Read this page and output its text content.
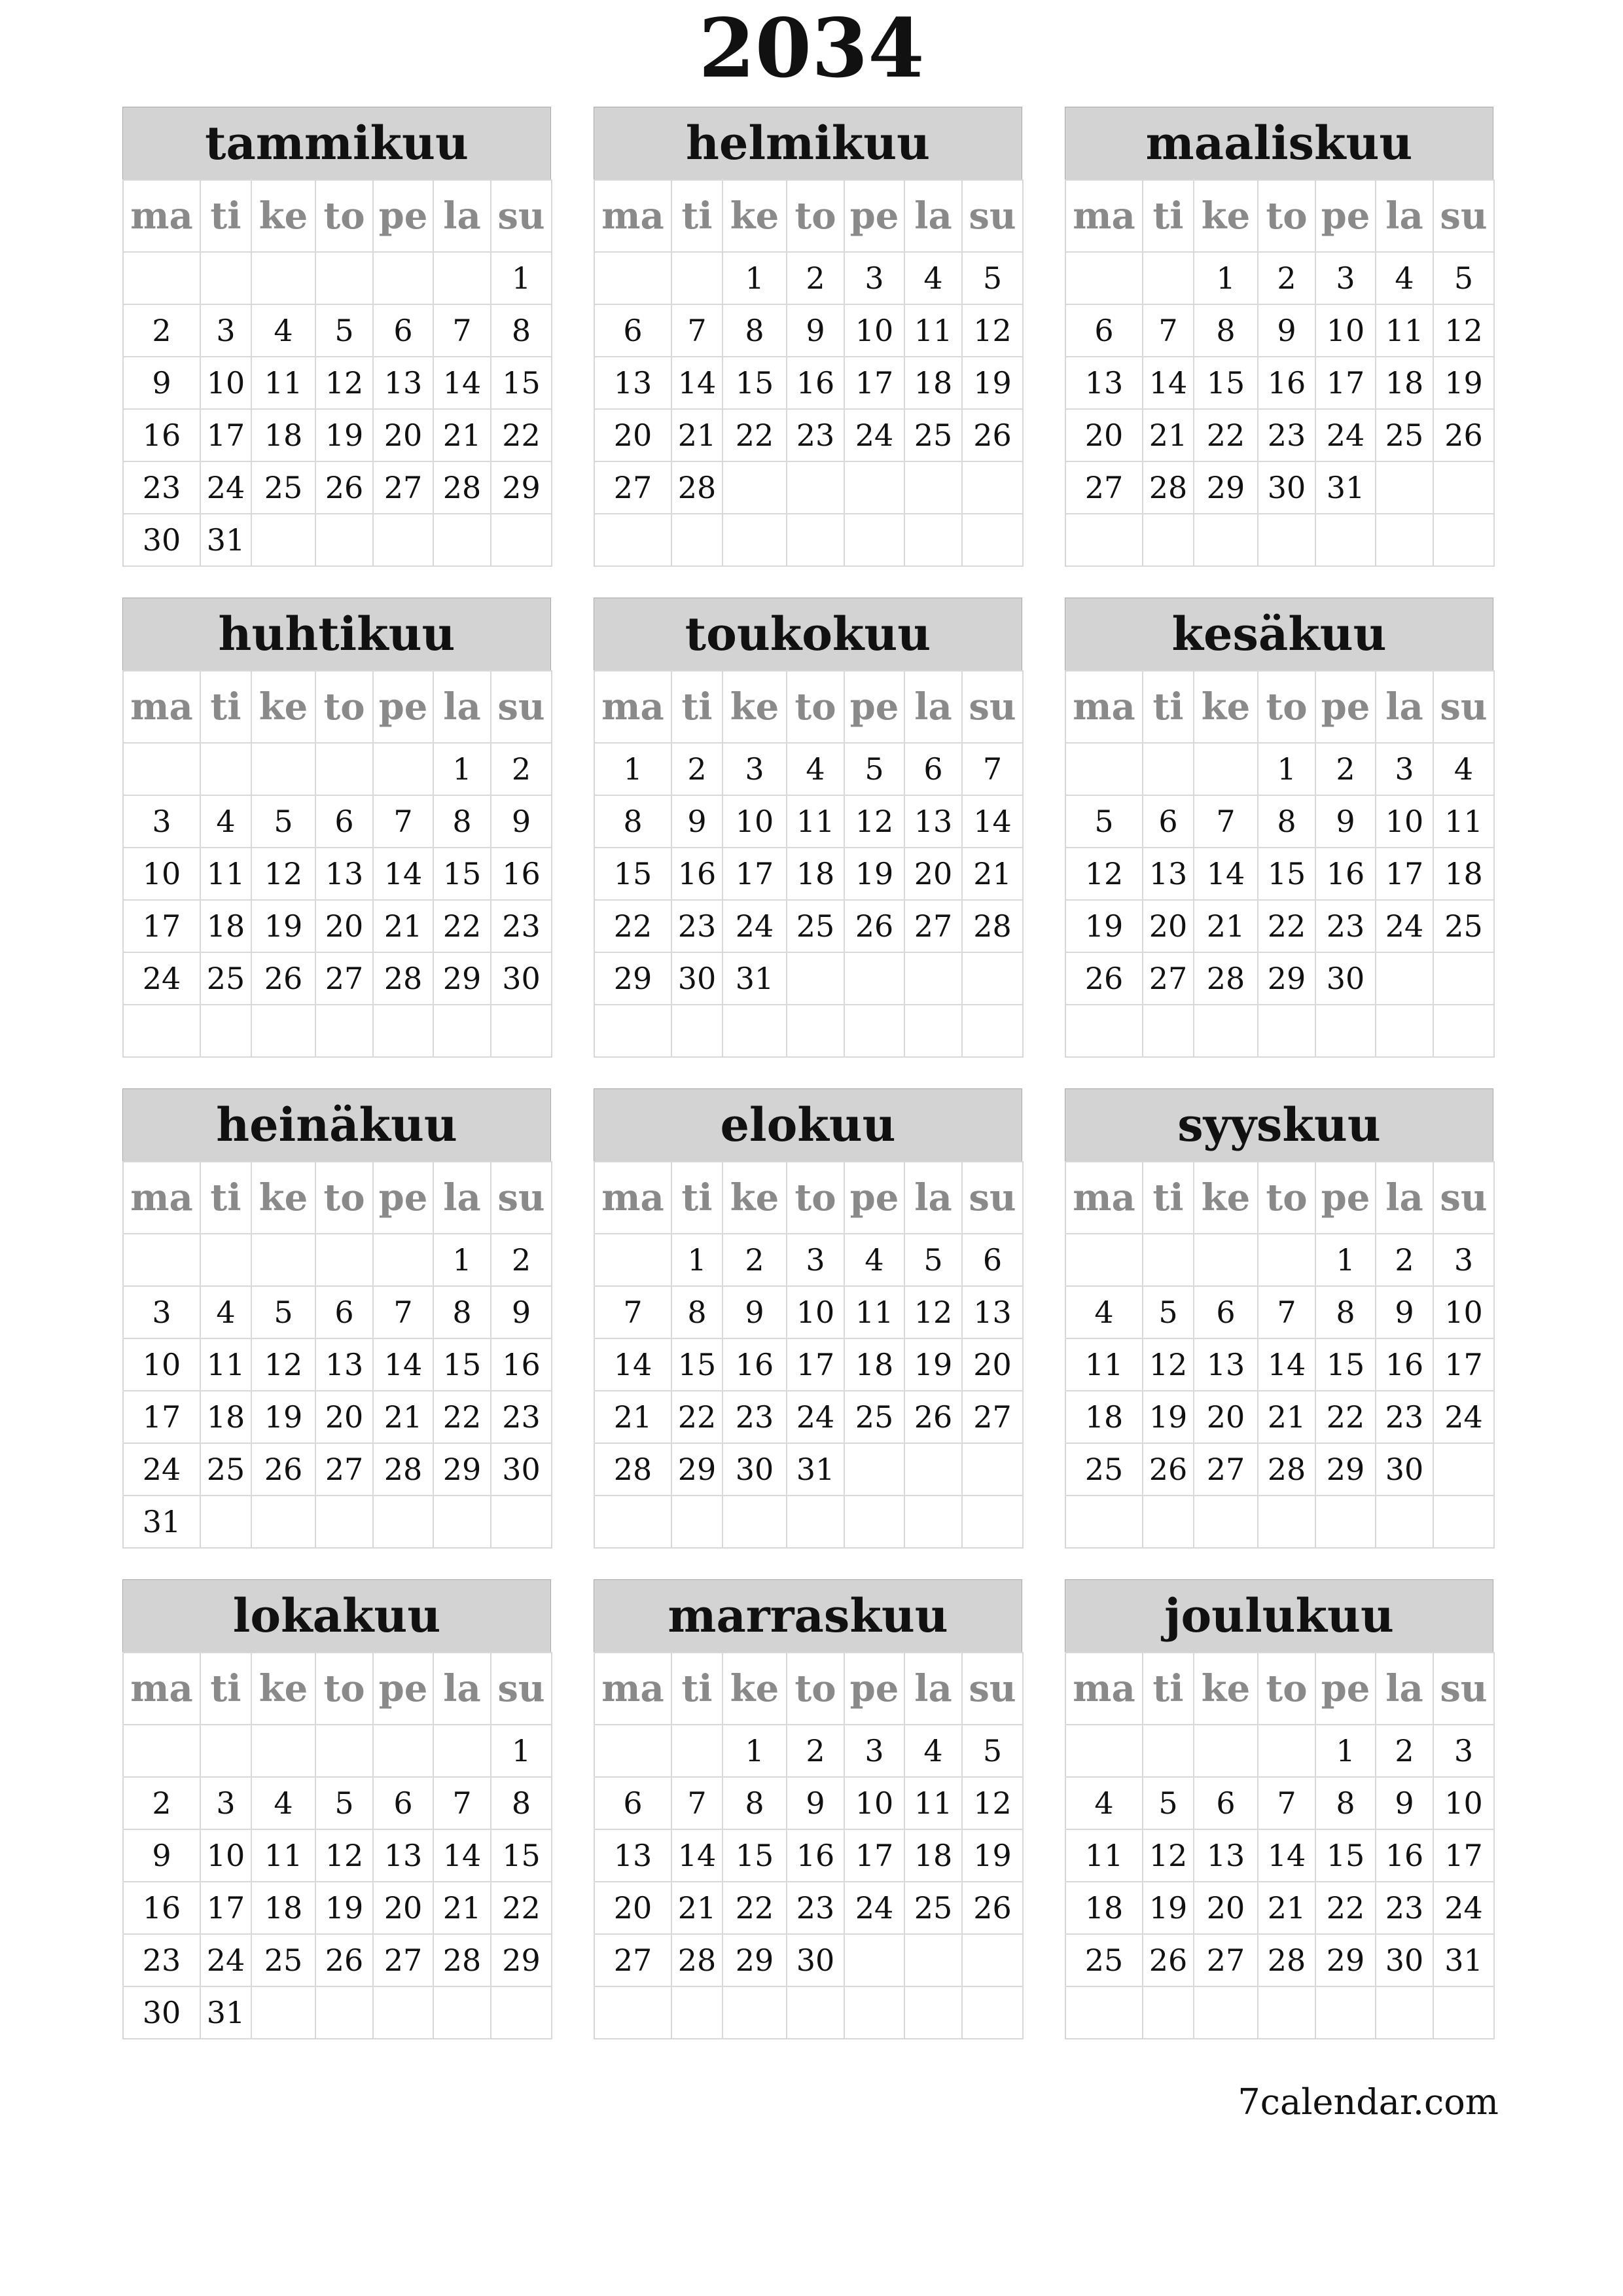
2034
tammikuu
ma	ti	ke	to	pe	la	su
						1
2	3	4	5	6	7	8
9	10	11	12	13	14	15
16	17	18	19	20	21	22
23	24	25	26	27	28	29
30	31					
helmikuu
ma	ti	ke	to	pe	la	su
		1	2	3	4	5
6	7	8	9	10	11	12
13	14	15	16	17	18	19
20	21	22	23	24	25	26
27	28					

maaliskuu
ma	ti	ke	to	pe	la	su
		1	2	3	4	5
6	7	8	9	10	11	12
13	14	15	16	17	18	19
20	21	22	23	24	25	26
27	28	29	30	31		

huhtikuu
ma	ti	ke	to	pe	la	su
					1	2
3	4	5	6	7	8	9
10	11	12	13	14	15	16
17	18	19	20	21	22	23
24	25	26	27	28	29	30

toukokuu
ma	ti	ke	to	pe	la	su
1	2	3	4	5	6	7
8	9	10	11	12	13	14
15	16	17	18	19	20	21
22	23	24	25	26	27	28
29	30	31				

kesäkuu
ma	ti	ke	to	pe	la	su
			1	2	3	4
5	6	7	8	9	10	11
12	13	14	15	16	17	18
19	20	21	22	23	24	25
26	27	28	29	30		

heinäkuu
ma	ti	ke	to	pe	la	su
					1	2
3	4	5	6	7	8	9
10	11	12	13	14	15	16
17	18	19	20	21	22	23
24	25	26	27	28	29	30
31						
elokuu
ma	ti	ke	to	pe	la	su
	1	2	3	4	5	6
7	8	9	10	11	12	13
14	15	16	17	18	19	20
21	22	23	24	25	26	27
28	29	30	31			

syyskuu
ma	ti	ke	to	pe	la	su
				1	2	3
4	5	6	7	8	9	10
11	12	13	14	15	16	17
18	19	20	21	22	23	24
25	26	27	28	29	30	

lokakuu
ma	ti	ke	to	pe	la	su
						1
2	3	4	5	6	7	8
9	10	11	12	13	14	15
16	17	18	19	20	21	22
23	24	25	26	27	28	29
30	31					
marraskuu
ma	ti	ke	to	pe	la	su
		1	2	3	4	5
6	7	8	9	10	11	12
13	14	15	16	17	18	19
20	21	22	23	24	25	26
27	28	29	30			

joulukuu
ma	ti	ke	to	pe	la	su
				1	2	3
4	5	6	7	8	9	10
11	12	13	14	15	16	17
18	19	20	21	22	23	24
25	26	27	28	29	30	31

7calendar.com
